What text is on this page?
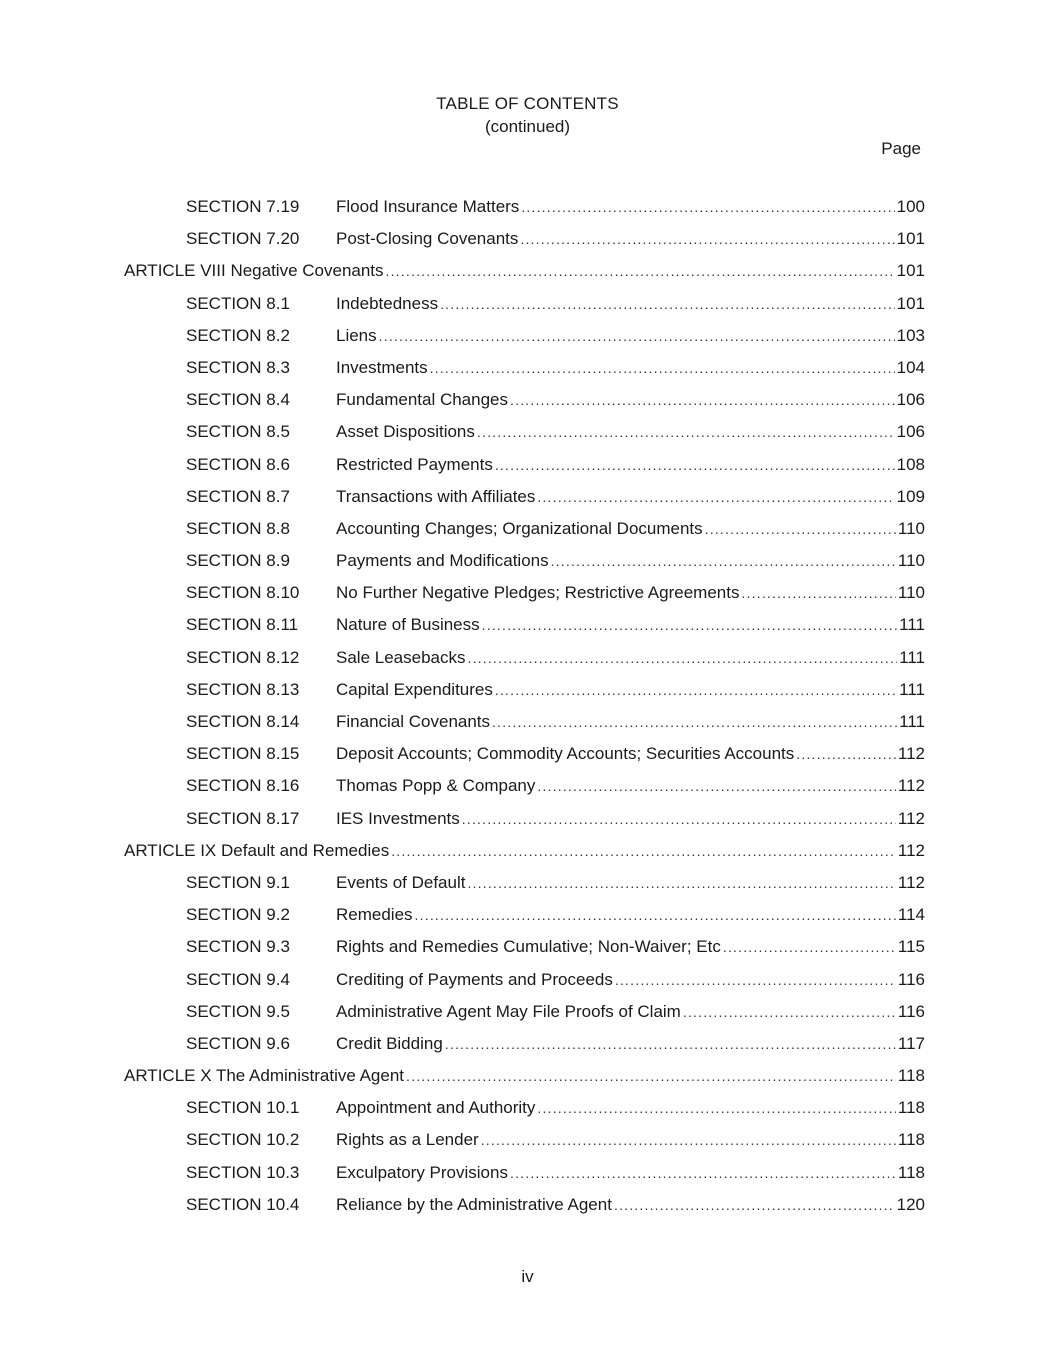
TABLE OF CONTENTS
(continued)
Page
SECTION 7.19 Flood Insurance Matters .....	100
SECTION 7.20 Post-Closing Covenants .....	101
ARTICLE VIII Negative Covenants .....	101
SECTION 8.1	Indebtedness .....	101
SECTION 8.2	Liens .....	103
SECTION 8.3	Investments .....	104
SECTION 8.4	Fundamental Changes .....	106
SECTION 8.5	Asset Dispositions .....	106
SECTION 8.6	Restricted Payments .....	108
SECTION 8.7	Transactions with Affiliates .....	109
SECTION 8.8	Accounting Changes; Organizational Documents .....	110
SECTION 8.9	Payments and Modifications .....	110
SECTION 8.10 No Further Negative Pledges; Restrictive Agreements .....	110
SECTION 8.11 Nature of Business .....	111
SECTION 8.12 Sale Leasebacks .....	111
SECTION 8.13 Capital Expenditures .....	111
SECTION 8.14 Financial Covenants .....	111
SECTION 8.15 Deposit Accounts; Commodity Accounts; Securities Accounts .....	112
SECTION 8.16 Thomas Popp & Company .....	112
SECTION 8.17 IES Investments .....	112
ARTICLE IX Default and Remedies .....	112
SECTION 9.1	Events of Default .....	112
SECTION 9.2	Remedies .....	114
SECTION 9.3	Rights and Remedies Cumulative; Non-Waiver; Etc .....	115
SECTION 9.4	Crediting of Payments and Proceeds .....	116
SECTION 9.5	Administrative Agent May File Proofs of Claim .....	116
SECTION 9.6	Credit Bidding .....	117
ARTICLE X The Administrative Agent .....	118
SECTION 10.1 Appointment and Authority .....	118
SECTION 10.2 Rights as a Lender .....	118
SECTION 10.3 Exculpatory Provisions .....	118
SECTION 10.4 Reliance by the Administrative Agent .....	120
iv
